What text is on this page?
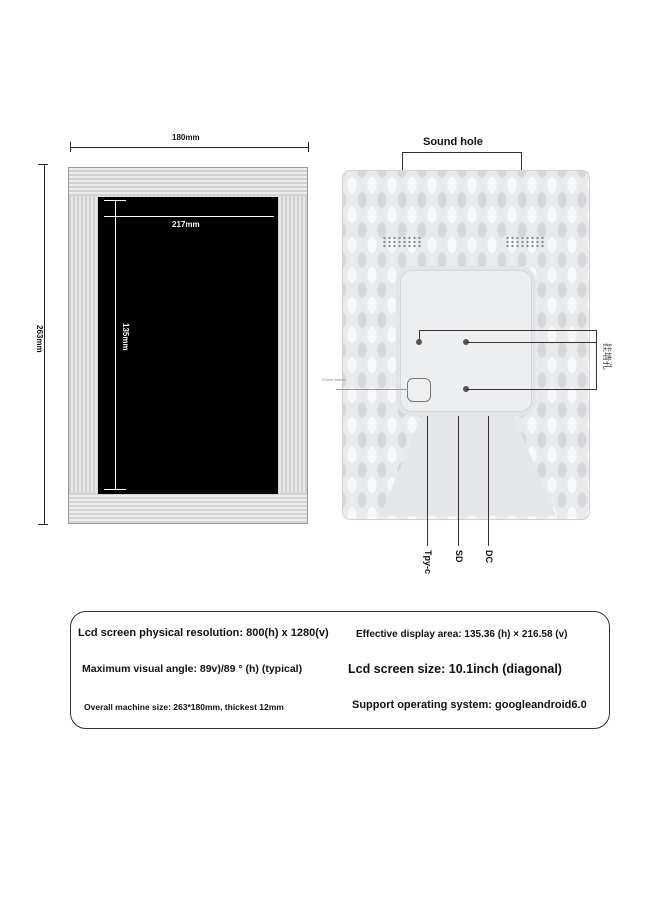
180mm
263mm
217mm
135mm
Sound hole
挂墙孔
Power switch
Tpy-c SD DC
Lcd screen physical resolution: 800(h) x 1280(v)	Effective display area: 135.36 (h) × 216.58 (v)
Maximum visual angle: 89v)/89 ° (h) (typical)	Lcd screen size: 10.1inch (diagonal)
Overall machine size: 263*180mm, thickest 12mm	Support operating system: googleandroid6.0
